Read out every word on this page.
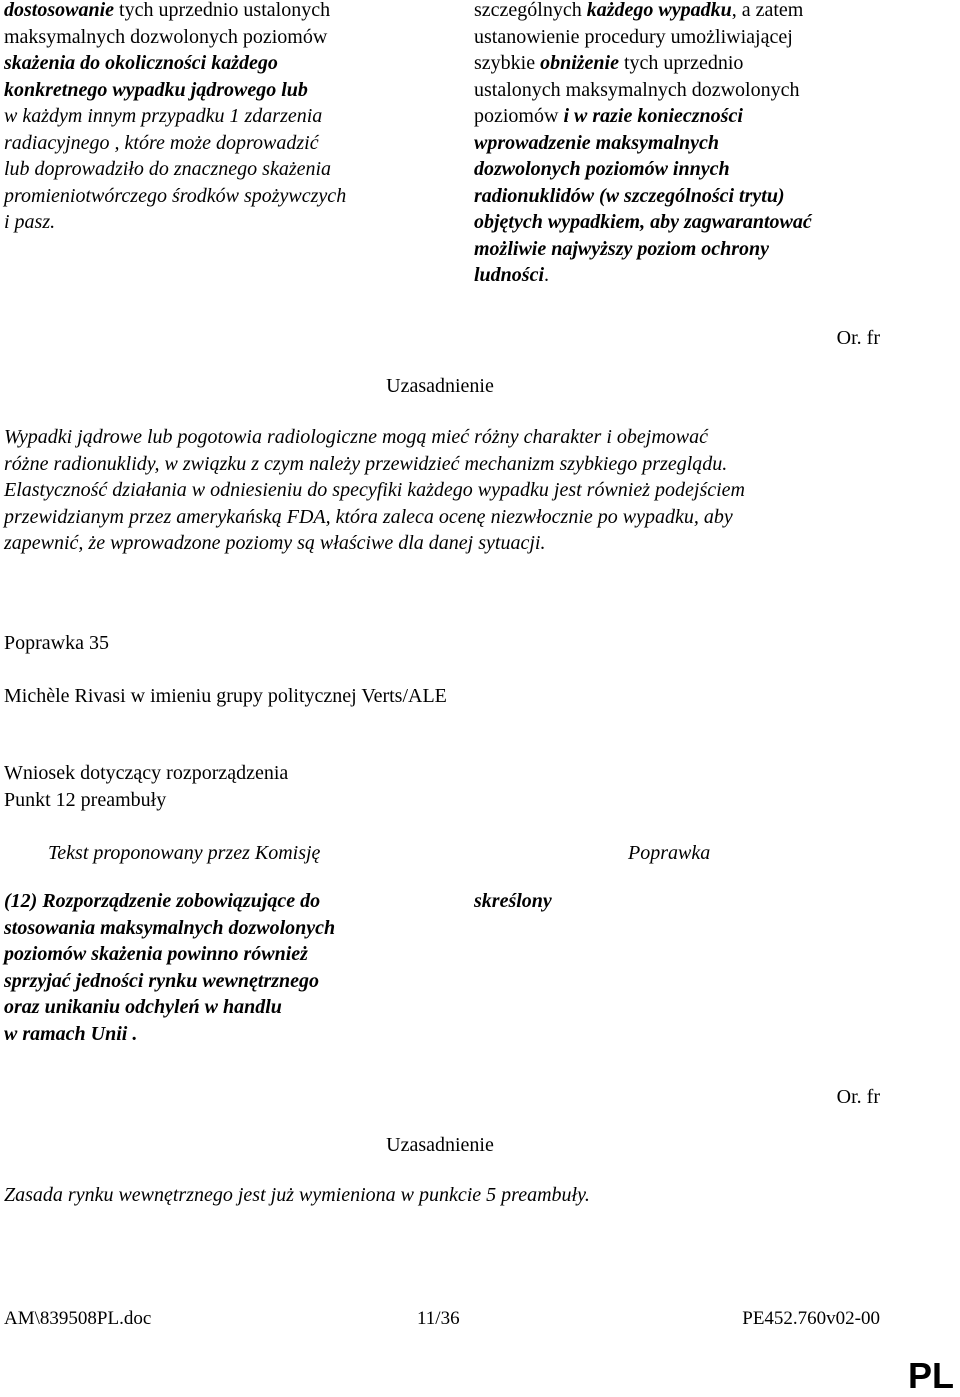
dostosowanie tych uprzednio ustalonych
maksymalnych dozwolonych poziomów
skażenia do okoliczności każdego
konkretnego wypadku jądrowego lub
w każdym innym przypadku 1 zdarzenia
radiacyjnego , które może doprowadzić
lub doprowadziło do znacznego skażenia
promieniotwórczego środków spożywczych
i pasz.
szczególnych każdego wypadku, a zatem
ustanowienie procedury umożliwiającej
szybkie obniżenie tych uprzednio
ustalonych maksymalnych dozwolonych
poziomów i w razie konieczności
wprowadzenie maksymalnych
dozwolonych poziomów innych
radionuklidów (w szczególności trytu)
objętych wypadkiem, aby zagwarantować
możliwie najwyższy poziom ochrony
ludności.
Or. fr
Uzasadnienie
Wypadki jądrowe lub pogotowia radiologiczne mogą mieć różny charakter i obejmować
różne radionuklidy, w związku z czym należy przewidzieć mechanizm szybkiego przeglądu.
Elastyczność działania w odniesieniu do specyfiki każdego wypadku jest również podejściem
przewidzianym przez amerykańską FDA, która zaleca ocenę niezwłocznie po wypadku, aby
zapewnić, że wprowadzone poziomy są właściwe dla danej sytuacji.
Poprawka 35
Michèle Rivasi w imieniu grupy politycznej Verts/ALE
Wniosek dotyczący rozporządzenia
Punkt 12 preambuły
Tekst proponowany przez Komisję	Poprawka
(12) Rozporządzenie zobowiązujące do
stosowania maksymalnych dozwolonych
poziomów skażenia powinno również
sprzyjać jedności rynku wewnętrznego
oraz unikaniu odchyleń w handlu
w ramach Unii .
skreślony
Or. fr
Uzasadnienie
Zasada rynku wewnętrznego jest już wymieniona w punkcie 5 preambuły.
AM\839508PL.doc	11/36	PE452.760v02-00
PL
